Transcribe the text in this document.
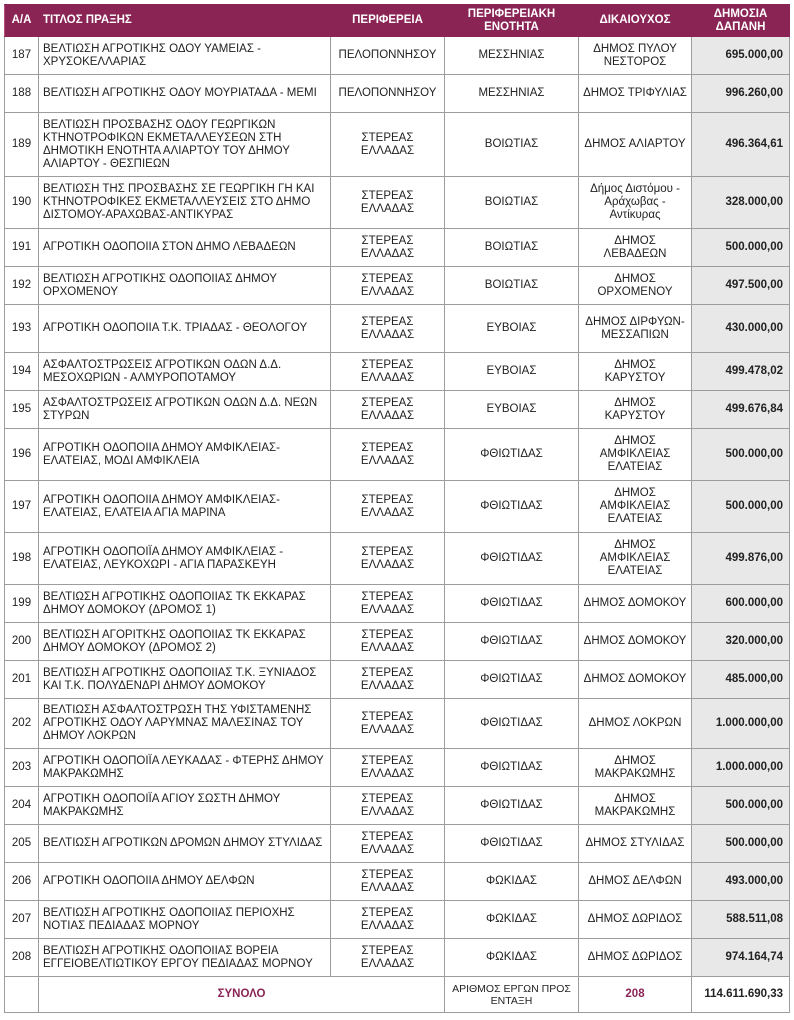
Α/Α	ΤΙΤΛΟΣ ΠΡΑΞΗΣ	ΠΕΡΙΦΕΡΕΙΑ	ΠΕΡΙΦΕΡΕΙΑΚΗ ΕΝΟΤΗΤΑ	ΔΙΚΑΙΟΥΧΟΣ	ΔΗΜΟΣΙΑ ΔΑΠΑΝΗ
187	ΒΕΛΤΙΩΣΗ ΑΓΡΟΤΙΚΗΣ ΟΔΟΥ ΥΑΜΕΙΑΣ - ΧΡΥΣΟΚΕΛΛΑΡΙΑΣ	ΠΕΛΟΠΟΝΝΗΣΟΥ	ΜΕΣΣΗΝΙΑΣ	ΔΗΜΟΣ ΠΥΛΟΥ ΝΕΣΤΟΡΟΣ	695.000,00
188	ΒΕΛΤΙΩΣΗ ΑΓΡΟΤΙΚΗΣ ΟΔΟΥ ΜΟΥΡΙΑΤΑΔΑ - ΜΕΜΙ	ΠΕΛΟΠΟΝΝΗΣΟΥ	ΜΕΣΣΗΝΙΑΣ	ΔΗΜΟΣ ΤΡΙΦΥΛΙΑΣ	996.260,00
189	ΒΕΛΤΙΩΣΗ ΠΡΟΣΒΑΣΗΣ ΟΔΟΥ ΓΕΩΡΓΙΚΩΝ ΚΤΗΝΟΤΡΟΦΙΚΩΝ ΕΚΜΕΤΑΛΛΕΥΣΕΩΝ ΣΤΗ ΔΗΜΟΤΙΚΗ ΕΝΟΤΗΤΑ ΑΛΙΑΡΤΟΥ ΤΟΥ ΔΗΜΟΥ ΑΛΙΑΡΤΟΥ - ΘΕΣΠΙΕΩΝ	ΣΤΕΡΕΑΣ ΕΛΛΑΔΑΣ	ΒΟΙΩΤΙΑΣ	ΔΗΜΟΣ ΑΛΙΑΡΤΟΥ	496.364,61
190	ΒΕΛΤΙΩΣΗ ΤΗΣ ΠΡΟΣΒΑΣΗΣ ΣΕ ΓΕΩΡΓΙΚΗ ΓΗ ΚΑΙ ΚΤΗΝΟΤΡΟΦΙΚΕΣ ΕΚΜΕΤΑΛΛΕΥΣΕΙΣ ΣΤΟ ΔΗΜΟ ΔΙΣΤΟΜΟΥ-ΑΡΑΧΩΒΑΣ-ΑΝΤΙΚΥΡΑΣ	ΣΤΕΡΕΑΣ ΕΛΛΑΔΑΣ	ΒΟΙΩΤΙΑΣ	Δήμος Διστόμου - Αράχωβας - Αντίκυρας	328.000,00
191	ΑΓΡΟΤΙΚΗ ΟΔΟΠΟΙΙΑ ΣΤΟΝ ΔΗΜΟ ΛΕΒΑΔΕΩΝ	ΣΤΕΡΕΑΣ ΕΛΛΑΔΑΣ	ΒΟΙΩΤΙΑΣ	ΔΗΜΟΣ ΛΕΒΑΔΕΩΝ	500.000,00
192	ΒΕΛΤΙΩΣΗ ΑΓΡΟΤΙΚΗΣ ΟΔΟΠΟΙΙΑΣ ΔΗΜΟΥ ΟΡΧΟΜΕΝΟΥ	ΣΤΕΡΕΑΣ ΕΛΛΑΔΑΣ	ΒΟΙΩΤΙΑΣ	ΔΗΜΟΣ ΟΡΧΟΜΕΝΟΥ	497.500,00
193	ΑΓΡΟΤΙΚΗ ΟΔΟΠΟΙΙΑ Τ.Κ. ΤΡΙΑΔΑΣ - ΘΕΟΛΟΓΟΥ	ΣΤΕΡΕΑΣ ΕΛΛΑΔΑΣ	ΕΥΒΟΙΑΣ	ΔΗΜΟΣ ΔΙΡΦΥΩΝ-ΜΕΣΣΑΠΙΩΝ	430.000,00
194	ΑΣΦΑΛΤΟΣΤΡΩΣΕΙΣ ΑΓΡΟΤΙΚΩΝ ΟΔΩΝ Δ.Δ. ΜΕΣΟΧΩΡΙΩΝ - ΑΛΜΥΡΟΠΟΤΑΜΟΥ	ΣΤΕΡΕΑΣ ΕΛΛΑΔΑΣ	ΕΥΒΟΙΑΣ	ΔΗΜΟΣ ΚΑΡΥΣΤΟΥ	499.478,02
195	ΑΣΦΑΛΤΟΣΤΡΩΣΕΙΣ ΑΓΡΟΤΙΚΩΝ ΟΔΩΝ Δ.Δ. ΝΕΩΝ ΣΤΥΡΩΝ	ΣΤΕΡΕΑΣ ΕΛΛΑΔΑΣ	ΕΥΒΟΙΑΣ	ΔΗΜΟΣ ΚΑΡΥΣΤΟΥ	499.676,84
196	ΑΓΡΟΤΙΚΗ ΟΔΟΠΟΙΙΑ ΔΗΜΟΥ ΑΜΦΙΚΛΕΙΑΣ-ΕΛΑΤΕΙΑΣ, ΜΟΔΙ ΑΜΦΙΚΛΕΙΑ	ΣΤΕΡΕΑΣ ΕΛΛΑΔΑΣ	ΦΘΙΩΤΙΔΑΣ	ΔΗΜΟΣ ΑΜΦΙΚΛΕΙΑΣ ΕΛΑΤΕΙΑΣ	500.000,00
197	ΑΓΡΟΤΙΚΗ ΟΔΟΠΟΙΙΑ ΔΗΜΟΥ ΑΜΦΙΚΛΕΙΑΣ-ΕΛΑΤΕΙΑΣ, ΕΛΑΤΕΙΑ ΑΓΙΑ ΜΑΡΙΝΑ	ΣΤΕΡΕΑΣ ΕΛΛΑΔΑΣ	ΦΘΙΩΤΙΔΑΣ	ΔΗΜΟΣ ΑΜΦΙΚΛΕΙΑΣ ΕΛΑΤΕΙΑΣ	500.000,00
198	ΑΓΡΟΤΙΚΗ ΟΔΟΠΟΙΪΑ ΔΗΜΟΥ ΑΜΦΙΚΛΕΙΑΣ - ΕΛΑΤΕΙΑΣ, ΛΕΥΚΟΧΩΡΙ - ΑΓΙΑ ΠΑΡΑΣΚΕΥΗ	ΣΤΕΡΕΑΣ ΕΛΛΑΔΑΣ	ΦΘΙΩΤΙΔΑΣ	ΔΗΜΟΣ ΑΜΦΙΚΛΕΙΑΣ ΕΛΑΤΕΙΑΣ	499.876,00
199	ΒΕΛΤΙΩΣΗ ΑΓΡΟΤΙΚΗΣ ΟΔΟΠΟΙΙΑΣ ΤΚ ΕΚΚΑΡΑΣ ΔΗΜΟΥ ΔΟΜΟΚΟΥ (ΔΡΟΜΟΣ 1)	ΣΤΕΡΕΑΣ ΕΛΛΑΔΑΣ	ΦΘΙΩΤΙΔΑΣ	ΔΗΜΟΣ ΔΟΜΟΚΟΥ	600.000,00
200	ΒΕΛΤΙΩΣΗ ΑΓΟΡΙΤΚΗΣ ΟΔΟΠΟΙΙΑΣ ΤΚ ΕΚΚΑΡΑΣ ΔΗΜΟΥ ΔΟΜΟΚΟΥ (ΔΡΟΜΟΣ 2)	ΣΤΕΡΕΑΣ ΕΛΛΑΔΑΣ	ΦΘΙΩΤΙΔΑΣ	ΔΗΜΟΣ ΔΟΜΟΚΟΥ	320.000,00
201	ΒΕΛΤΙΩΣΗ ΑΓΡΟΤΙΚΗΣ ΟΔΟΠΟΙΙΑΣ Τ.Κ. ΞΥΝΙΑΔΟΣ ΚΑΙ Τ.Κ. ΠΟΛΥΔΕΝΔΡΙ ΔΗΜΟΥ ΔΟΜΟΚΟΥ	ΣΤΕΡΕΑΣ ΕΛΛΑΔΑΣ	ΦΘΙΩΤΙΔΑΣ	ΔΗΜΟΣ ΔΟΜΟΚΟΥ	485.000,00
202	ΒΕΛΤΙΩΣΗ ΑΣΦΑΛΤΟΣΤΡΩΣΗ ΤΗΣ ΥΦΙΣΤΑΜΕΝΗΣ ΑΓΡΟΤΙΚΗΣ ΟΔΟΥ ΛΑΡΥΜΝΑΣ ΜΑΛΕΣΙΝΑΣ ΤΟΥ ΔΗΜΟΥ ΛΟΚΡΩΝ	ΣΤΕΡΕΑΣ ΕΛΛΑΔΑΣ	ΦΘΙΩΤΙΔΑΣ	ΔΗΜΟΣ ΛΟΚΡΩΝ	1.000.000,00
203	ΑΓΡΟΤΙΚΗ ΟΔΟΠΟΙΪΑ ΛΕΥΚΑΔΑΣ - ΦΤΕΡΗΣ ΔΗΜΟΥ ΜΑΚΡΑΚΩΜΗΣ	ΣΤΕΡΕΑΣ ΕΛΛΑΔΑΣ	ΦΘΙΩΤΙΔΑΣ	ΔΗΜΟΣ ΜΑΚΡΑΚΩΜΗΣ	1.000.000,00
204	ΑΓΡΟΤΙΚΗ ΟΔΟΠΟΙΪΑ ΑΓΙΟΥ ΣΩΣΤΗ ΔΗΜΟΥ ΜΑΚΡΑΚΩΜΗΣ	ΣΤΕΡΕΑΣ ΕΛΛΑΔΑΣ	ΦΘΙΩΤΙΔΑΣ	ΔΗΜΟΣ ΜΑΚΡΑΚΩΜΗΣ	500.000,00
205	ΒΕΛΤΙΩΣΗ ΑΓΡΟΤΙΚΩΝ ΔΡΟΜΩΝ ΔΗΜΟΥ ΣΤΥΛΙΔΑΣ	ΣΤΕΡΕΑΣ ΕΛΛΑΔΑΣ	ΦΘΙΩΤΙΔΑΣ	ΔΗΜΟΣ ΣΤΥΛΙΔΑΣ	500.000,00
206	ΑΓΡΟΤΙΚΗ ΟΔΟΠΟΙΙΑ ΔΗΜΟΥ ΔΕΛΦΩΝ	ΣΤΕΡΕΑΣ ΕΛΛΑΔΑΣ	ΦΩΚΙΔΑΣ	ΔΗΜΟΣ ΔΕΛΦΩΝ	493.000,00
207	ΒΕΛΤΙΩΣΗ ΑΓΡΟΤΙΚΗΣ ΟΔΟΠΟΙΙΑΣ ΠΕΡΙΟΧΗΣ ΝΟΤΙΑΣ ΠΕΔΙΑΔΑΣ ΜΟΡΝΟΥ	ΣΤΕΡΕΑΣ ΕΛΛΑΔΑΣ	ΦΩΚΙΔΑΣ	ΔΗΜΟΣ ΔΩΡΙΔΟΣ	588.511,08
208	ΒΕΛΤΙΩΣΗ ΑΓΡΟΤΙΚΗΣ ΟΔΟΠΟΙΙΑΣ ΒΟΡΕΙΑ ΕΓΓΕΙΟΒΕΛΤΙΩΤΙΚΟΥ ΕΡΓΟΥ ΠΕΔΙΑΔΑΣ ΜΟΡΝΟΥ	ΣΤΕΡΕΑΣ ΕΛΛΑΔΑΣ	ΦΩΚΙΔΑΣ	ΔΗΜΟΣ ΔΩΡΙΔΟΣ	974.164,74
	ΣΥΝΟΛΟ		ΑΡΙΘΜΟΣ ΕΡΓΩΝ ΠΡΟΣ ΕΝΤΑΞΗ	208	114.611.690,33
